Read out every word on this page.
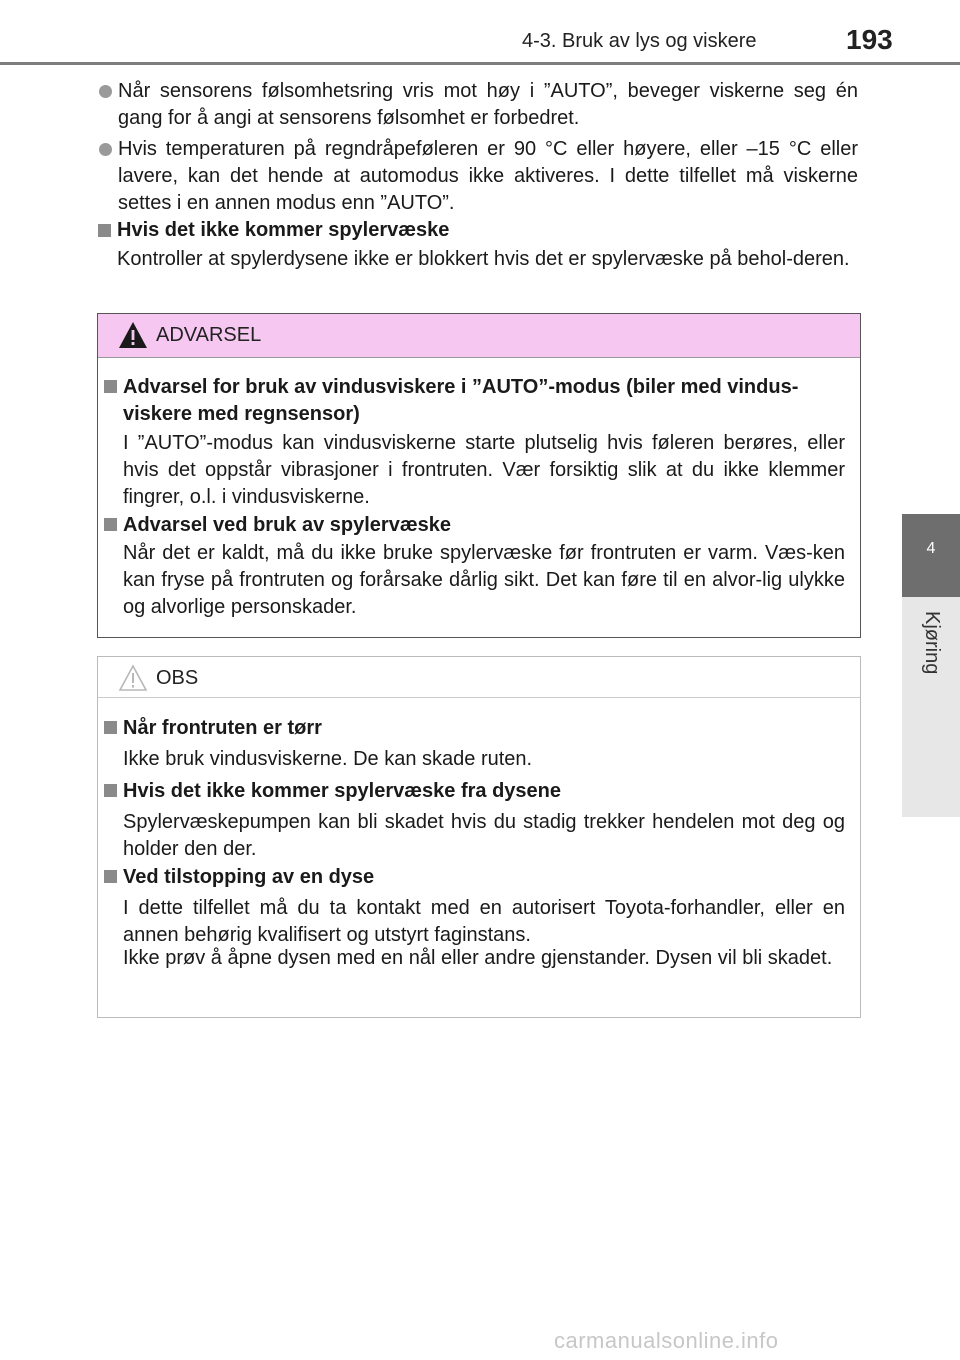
4-3. Bruk av lys og viskere	193
4
Kjøring
Når sensorens følsomhetsring vris mot høy i ”AUTO”, beveger viskerne seg én gang for å angi at sensorens følsomhet er forbedret.
Hvis temperaturen på regndråpeføleren er 90 °C eller høyere, eller –15 °C eller lavere, kan det hende at automodus ikke aktiveres. I dette tilfellet må viskerne settes i en annen modus enn ”AUTO”.
Hvis det ikke kommer spylervæske
Kontroller at spylerdysene ikke er blokkert hvis det er spylervæske på behol-deren.
ADVARSEL
Advarsel for bruk av vindusviskere i ”AUTO”-modus (biler med vindus-viskere med regnsensor)
I ”AUTO”-modus kan vindusviskerne starte plutselig hvis føleren berøres, eller hvis det oppstår vibrasjoner i frontruten. Vær forsiktig slik at du ikke klemmer fingrer, o.l. i vindusviskerne.
Advarsel ved bruk av spylervæske
Når det er kaldt, må du ikke bruke spylervæske før frontruten er varm. Væs-ken kan fryse på frontruten og forårsake dårlig sikt. Det kan føre til en alvor-lig ulykke og alvorlige personskader.
OBS
Når frontruten er tørr
Ikke bruk vindusviskerne. De kan skade ruten.
Hvis det ikke kommer spylervæske fra dysene
Spylervæskepumpen kan bli skadet hvis du stadig trekker hendelen mot deg og holder den der.
Ved tilstopping av en dyse
I dette tilfellet må du ta kontakt med en autorisert Toyota-forhandler, eller en annen behørig kvalifisert og utstyrt faginstans.
Ikke prøv å åpne dysen med en nål eller andre gjenstander. Dysen vil bli skadet.
carmanualsonline.info
